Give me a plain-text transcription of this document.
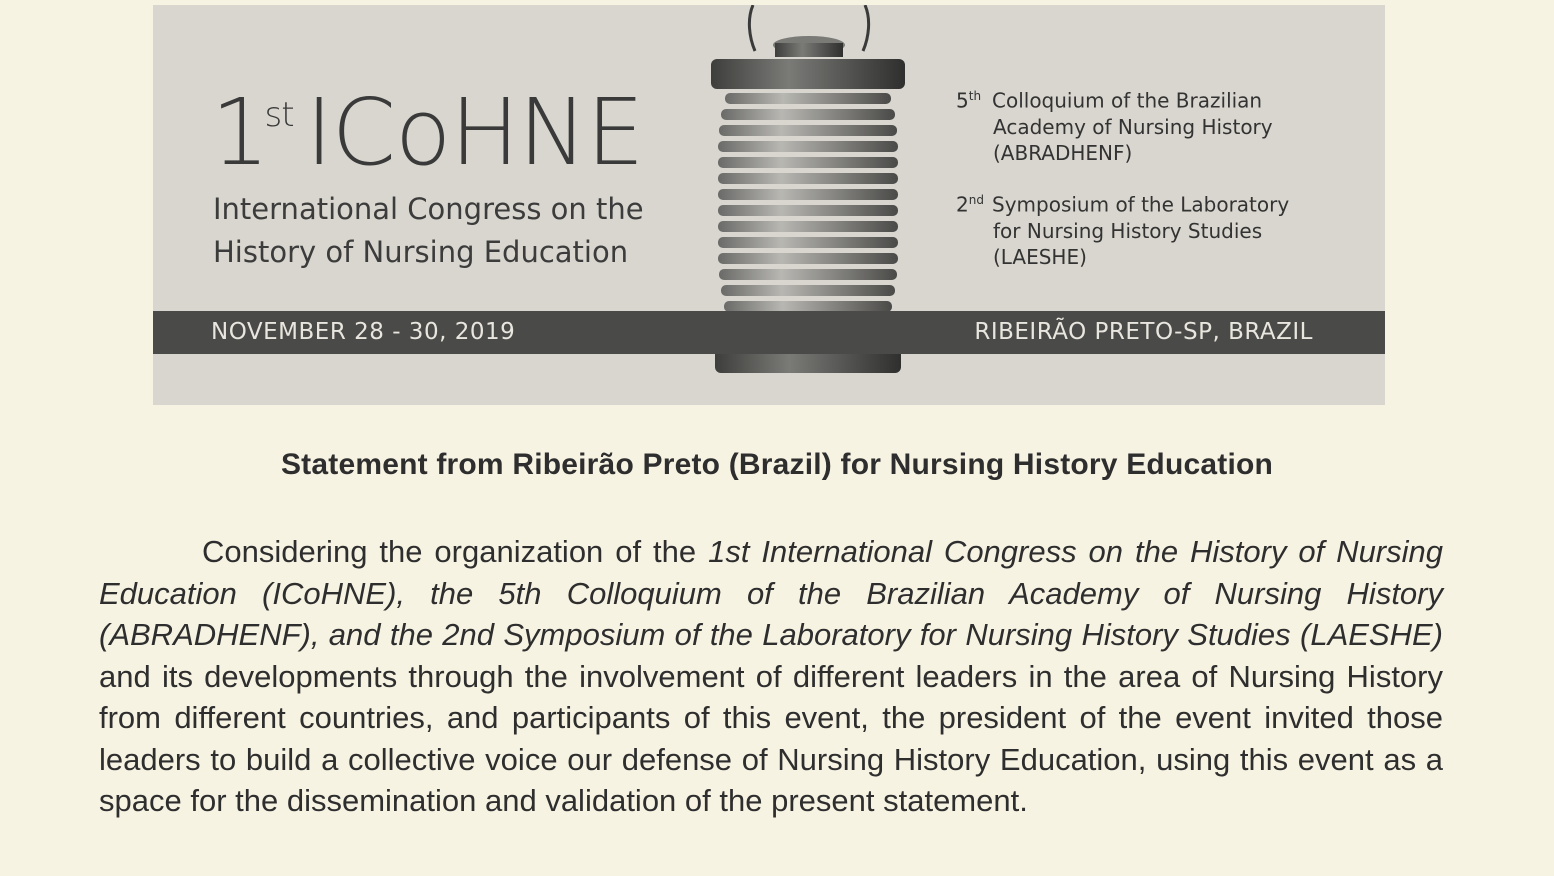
1st ICoHNE
International Congress on the
History of Nursing Education
5th Colloquium of the Brazilian
Academy of Nursing History
(ABRADHENF)
2nd Symposium of the Laboratory
for Nursing History Studies
(LAESHE)
NOVEMBER 28 - 30, 2019	RIBEIRÃO PRETO-SP, BRAZIL
Statement from Ribeirão Preto (Brazil) for Nursing History Education

Considering the organization of the 1st International Congress on the History of Nursing Education (ICoHNE), the 5th Colloquium of the Brazilian Academy of Nursing History (ABRADHENF), and the 2nd Symposium of the Laboratory for Nursing History Studies (LAESHE) and its developments through the involvement of different leaders in the area of Nursing History from different countries, and participants of this event, the president of the event invited those leaders to build a collective voice our defense of Nursing History Education, using this event as a space for the dissemination and validation of the present statement.
